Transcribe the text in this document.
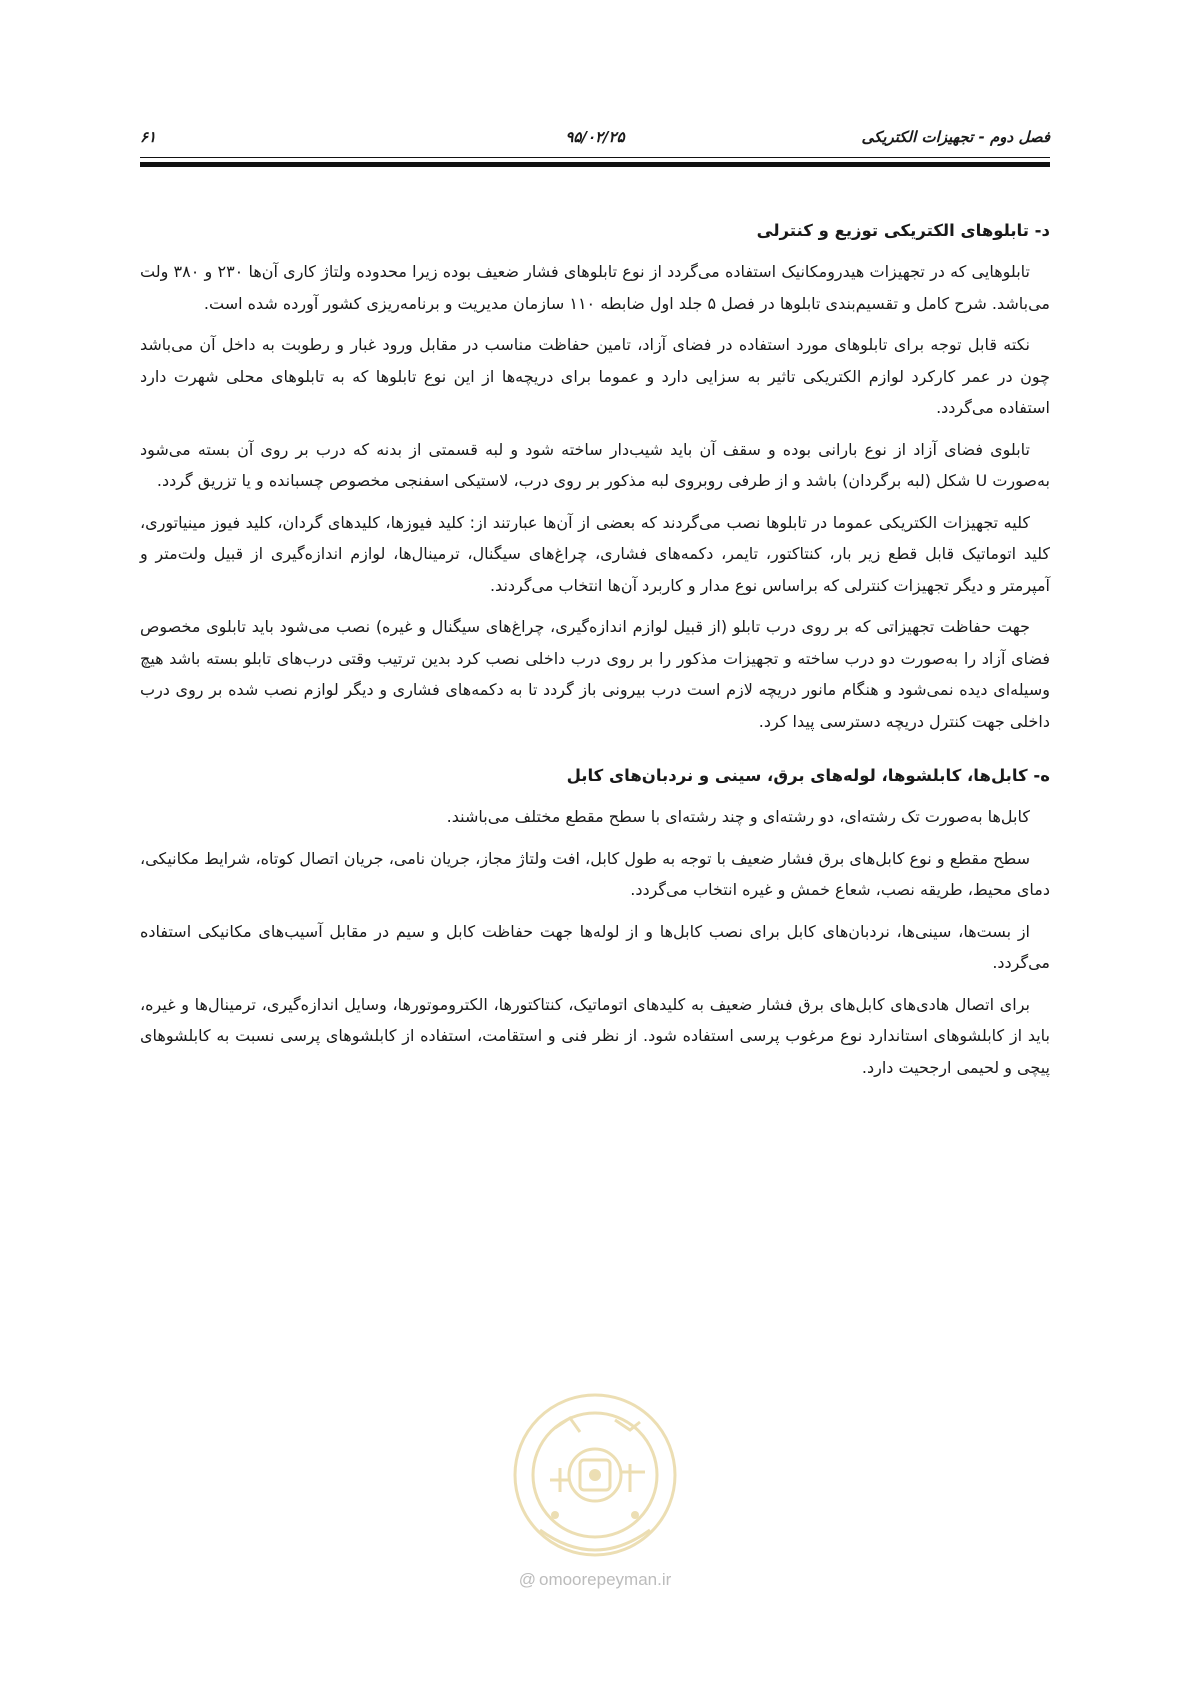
فصل دوم - تجهیزات الکتریکی
۹۵/۰۲/۲۵
۶۱
د- تابلوهای الکتریکی توزیع و کنترلی

تابلوهایی که در تجهیزات هیدرومکانیک استفاده می‌گردد از نوع تابلوهای فشار ضعیف بوده زیرا محدوده ولتاژ کاری آن‌ها ۲۳۰ و ۳۸۰ ولت می‌باشد. شرح کامل و تقسیم‌بندی تابلوها در فصل ۵ جلد اول ضابطه ۱۱۰ سازمان مدیریت و برنامه‌ریزی کشور آورده شده است.

نکته قابل توجه برای تابلوهای مورد استفاده در فضای آزاد، تامین حفاظت مناسب در مقابل ورود غبار و رطوبت به داخل آن می‌باشد چون در عمر کارکرد لوازم الکتریکی تاثیر به سزایی دارد و عموما برای دریچه‌ها از این نوع تابلوها که به تابلوهای محلی شهرت دارد استفاده می‌گردد.

تابلوی فضای آزاد از نوع بارانی بوده و سقف آن باید شیب‌دار ساخته شود و لبه قسمتی از بدنه که درب بر روی آن بسته می‌شود به‌صورت U شکل (لبه برگردان) باشد و از طرفی روبروی لبه مذکور بر روی درب، لاستیکی اسفنجی مخصوص چسبانده و یا تزریق گردد.

کلیه تجهیزات الکتریکی عموما در تابلوها نصب می‌گردند که بعضی از آن‌ها عبارتند از: کلید فیوزها، کلیدهای گردان، کلید فیوز مینیاتوری، کلید اتوماتیک قابل قطع زیر بار، کنتاکتور، تایمر، دکمه‌های فشاری، چراغ‌های سیگنال، ترمینال‌ها، لوازم اندازه‌گیری از قبیل ولت‌متر و آمپرمتر و دیگر تجهیزات کنترلی که براساس نوع مدار و کاربرد آن‌ها انتخاب می‌گردند.

جهت حفاظت تجهیزاتی که بر روی درب تابلو (از قبیل لوازم اندازه‌گیری، چراغ‌های سیگنال و غیره) نصب می‌شود باید تابلوی مخصوص فضای آزاد را به‌صورت دو درب ساخته و تجهیزات مذکور را بر روی درب داخلی نصب کرد بدین ترتیب وقتی درب‌های تابلو بسته باشد هیچ وسیله‌ای دیده نمی‌شود و هنگام مانور دریچه لازم است درب بیرونی باز گردد تا به دکمه‌های فشاری و دیگر لوازم نصب شده بر روی درب داخلی جهت کنترل دریچه دسترسی پیدا کرد.

ه- کابل‌ها، کابلشوها، لوله‌های برق، سینی و نردبان‌های کابل

کابل‌ها به‌صورت تک رشته‌ای، دو رشته‌ای و چند رشته‌ای با سطح مقطع مختلف می‌باشند.

سطح مقطع و نوع کابل‌های برق فشار ضعیف با توجه به طول کابل، افت ولتاژ مجاز، جریان نامی، جریان اتصال کوتاه، شرایط مکانیکی، دمای محیط، طریقه نصب، شعاع خمش و غیره انتخاب می‌گردد.

از بست‌ها، سینی‌ها، نردبان‌های کابل برای نصب کابل‌ها و از لوله‌ها جهت حفاظت کابل و سیم در مقابل آسیب‌های مکانیکی استفاده می‌گردد.

برای اتصال هادی‌های کابل‌های برق فشار ضعیف به کلیدهای اتوماتیک، کنتاکتورها، الکتروموتورها، وسایل اندازه‌گیری، ترمینال‌ها و غیره، باید از کابلشوهای استاندارد نوع مرغوب پرسی استفاده شود. از نظر فنی و استقامت، استفاده از کابلشوهای پرسی نسبت به کابلشوهای پیچی و لحیمی ارجحیت دارد.

@ omoorepeyman.ir
